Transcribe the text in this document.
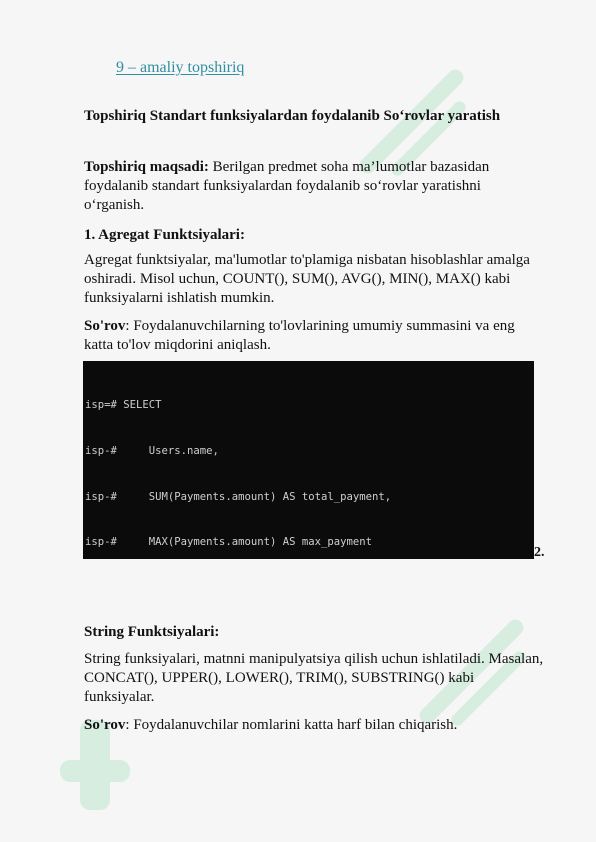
9 – amaliy topshiriq

Topshiriq Standart funksiyalardan foydalanib So‘rovlar yaratish

Topshiriq maqsadi: Berilgan predmet soha ma’lumotlar bazasidan
foydalanib standart funksiyalardan foydalanib so‘rovlar yaratishni
o‘rganish.

1. Agregat Funktsiyalari:

Agregat funktsiyalar, ma'lumotlar to'plamiga nisbatan hisoblashlar amalga
oshiradi. Misol uchun, COUNT(), SUM(), AVG(), MIN(), MAX() kabi
funksiyalarni ishlatish mumkin.
So'rov: Foydalanuvchilarning to'lovlarining umumiy summasini va eng
katta to'lov miqdorini aniqlash.

isp=# SELECT

isp-#     Users.name,

isp-#     SUM(Payments.amount) AS total_payment,

isp-#     MAX(Payments.amount) AS max_payment

2.

String Funktsiyalari:

String funksiyalari, matnni manipulyatsiya qilish uchun ishlatiladi. Masalan,
CONCAT(), UPPER(), LOWER(), TRIM(), SUBSTRING() kabi
funksiyalar.
So'rov: Foydalanuvchilar nomlarini katta harf bilan chiqarish.
